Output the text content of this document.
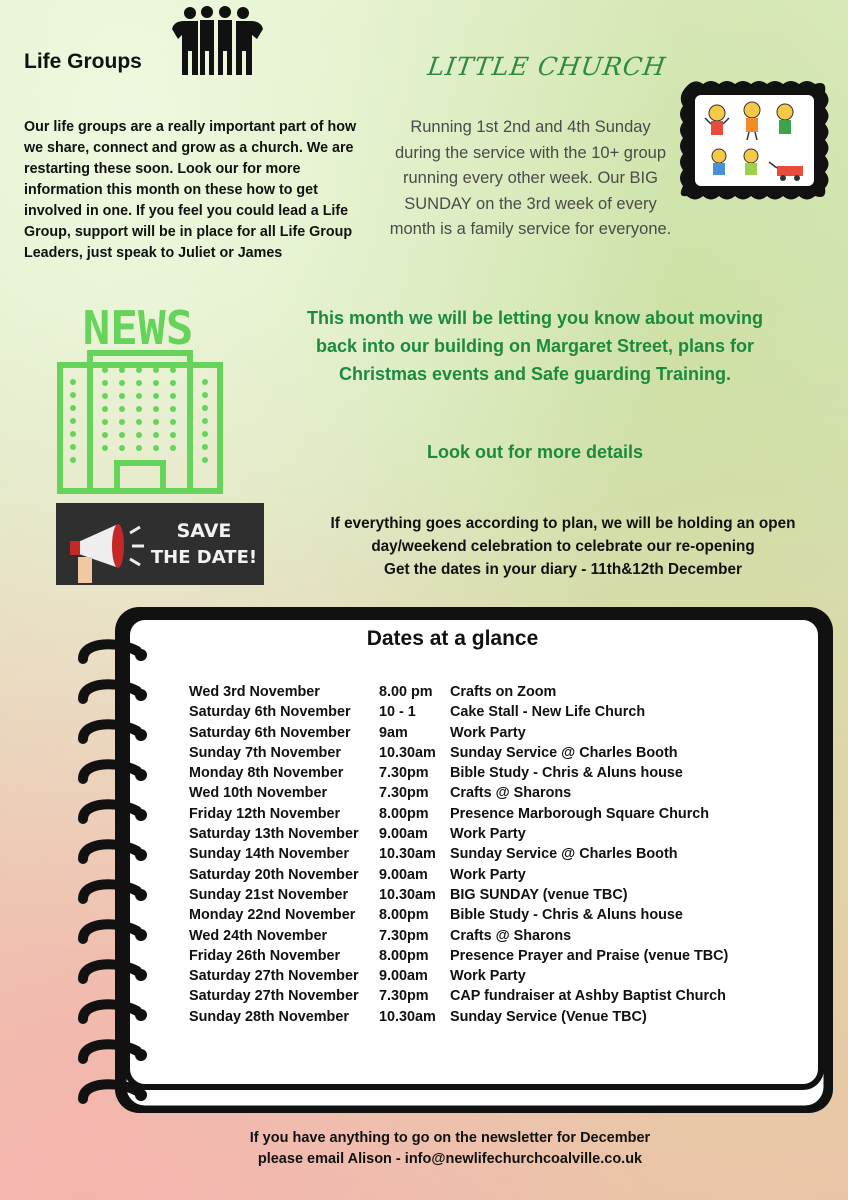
Life Groups
Our life groups are a really important part of how we share, connect and grow as a church. We are restarting these soon. Look our for more information this month on these how to get involved in one. If you feel you could lead a Life Group, support will be in place for all Life Group Leaders, just speak to Juliet or James
LITTLE CHURCH
Running 1st 2nd and 4th Sunday during the service with the 10+ group running every other week. Our BIG SUNDAY on the 3rd week of every month is a family service for everyone.
NEWS	This month we will be letting you know about moving back into our building on Margaret Street, plans for Christmas events and Safe guarding Training.
Look out for more details
SAVE
THE DATE!
If everything goes according to plan, we will be holding an open
day/weekend celebration to celebrate our re-opening
Get the dates in your diary - 11th&12th December
Dates at a glance
Wed 3rd November	8.00 pm Crafts on Zoom
Saturday 6th November 10 - 1 Cake Stall - New Life Church
Saturday 6th November 9am	Work Party
Sunday 7th November	10.30am Sunday Service @ Charles Booth
Monday 8th November 7.30pm Bible Study - Chris & Aluns house
Wed 10th November	7.30pm Crafts @ Sharons
Friday 12th November	8.00pm Presence Marborough Square Church
Saturday 13th November 9.00am Work Party
Sunday 14th November 10.30am Sunday Service @ Charles Booth
Saturday 20th November 9.00am Work Party
Sunday 21st November 10.30am BIG SUNDAY (venue TBC)
Monday 22nd November 8.00pm Bible Study - Chris & Aluns house
Wed 24th November	7.30pm Crafts @ Sharons
Friday 26th November	8.00pm Presence Prayer and Praise (venue TBC)
Saturday 27th November 9.00am Work Party
Saturday 27th November 7.30pm CAP fundraiser at Ashby Baptist Church
Sunday 28th November 10.30am Sunday Service (Venue TBC)
If you have anything to go on the newsletter for December
please email Alison - info@newlifechurchcoalville.co.uk
